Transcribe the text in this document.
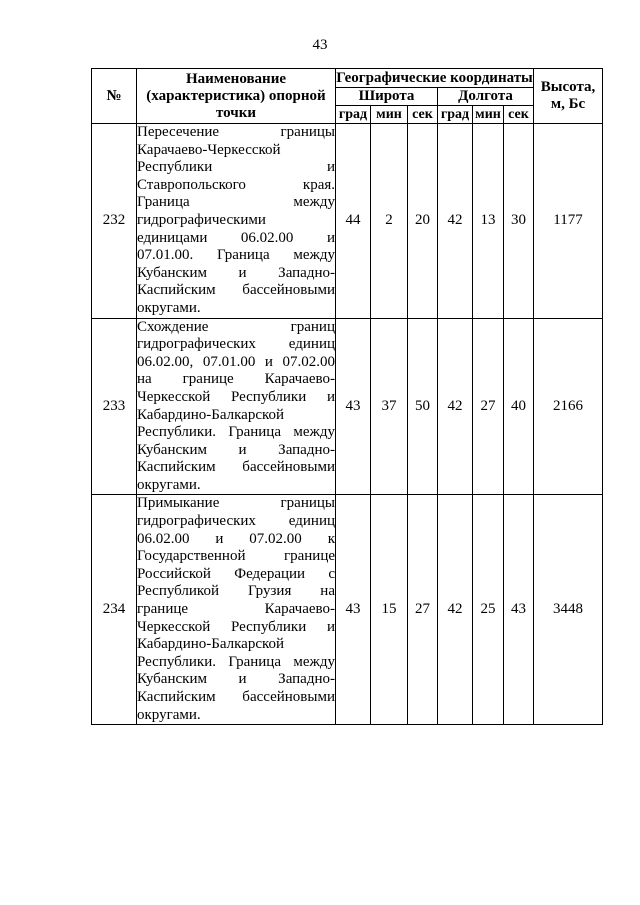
43
№	Наименование (характеристика) опорной точки	Географические координаты						Высота, м, Бс
		Широта			Долгота			
		град	мин	сек	град	мин	сек	
232	Пересечение границы Карачаево-Черкесской Республики и Ставропольского края. Граница между гидрографическими единицами 06.02.00 и 07.01.00. Граница между Кубанским и Западно-Каспийским бассейновыми округами.	44	2	20	42	13	30	1177
233	Схождение границ гидрографических единиц 06.02.00, 07.01.00 и 07.02.00 на границе Карачаево-Черкесской Республики и Кабардино-Балкарской Республики. Граница между Кубанским и Западно-Каспийским бассейновыми округами.	43	37	50	42	27	40	2166
234	Примыкание границы гидрографических единиц 06.02.00 и 07.02.00 к Государственной границе Российской Федерации с Республикой Грузия на границе Карачаево-Черкесской Республики и Кабардино-Балкарской Республики. Граница между Кубанским и Западно-Каспийским бассейновыми округами.	43	15	27	42	25	43	3448
